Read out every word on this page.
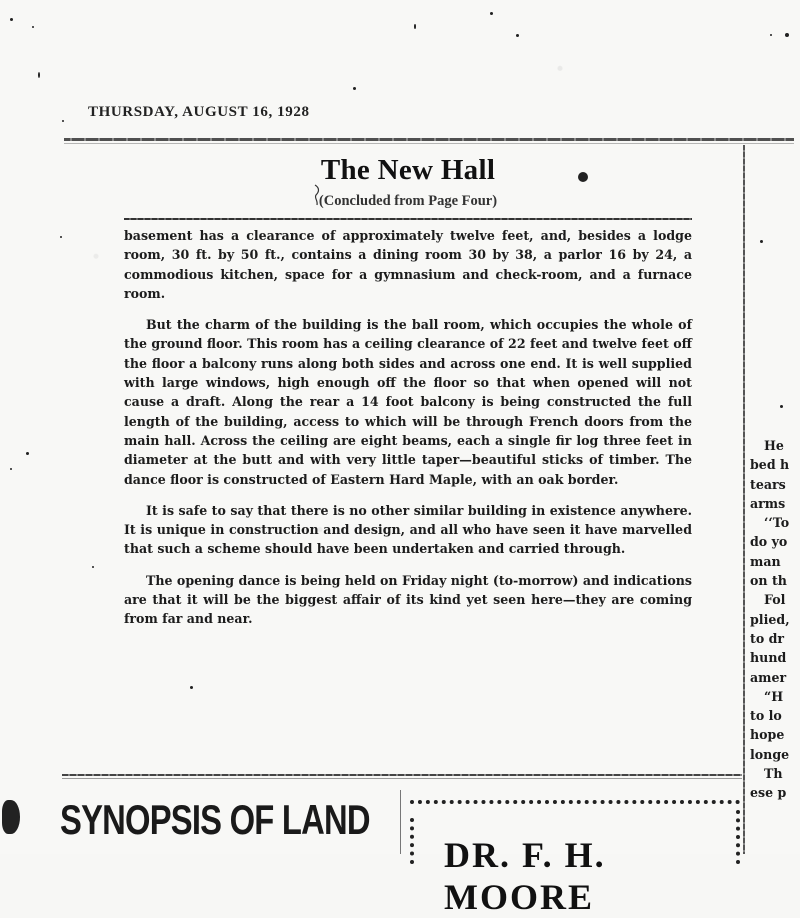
THURSDAY, AUGUST 16, 1928
The New Hall
(Concluded from Page Four)

basement has a clearance of approximately twelve feet, and, besides a lodge room, 30 ft. by 50 ft., contains a dining room 30 by 38, a parlor 16 by 24, a commodious kitchen, space for a gymnasium and check-room, and a furnace room.

But the charm of the building is the ball room, which occupies the whole of the ground floor. This room has a ceiling clearance of 22 feet and twelve feet off the floor a balcony runs along both sides and across one end. It is well supplied with large windows, high enough off the floor so that when opened will not cause a draft. Along the rear a 14 foot balcony is being constructed the full length of the building, access to which will be through French doors from the main hall. Across the ceiling are eight beams, each a single fir log three feet in diameter at the butt and with very little taper—beautiful sticks of timber. The dance floor is constructed of Eastern Hard Maple, with an oak border.

It is safe to say that there is no other similar building in existence anywhere. It is unique in construction and design, and all who have seen it have marvelled that such a scheme should have been undertaken and carried through.

The opening dance is being held on Friday night (to-morrow) and indications are that it will be the biggest affair of its kind yet seen here—they are coming from far and near.

He
bed h
tears
arms
‘‘To
do yo
man
on th
Fol
plied,
to dr
hund
amer
“H
to lo
hope
longe
Th
ese p
SYNOPSIS OF LAND
DR. F. H. MOORE
